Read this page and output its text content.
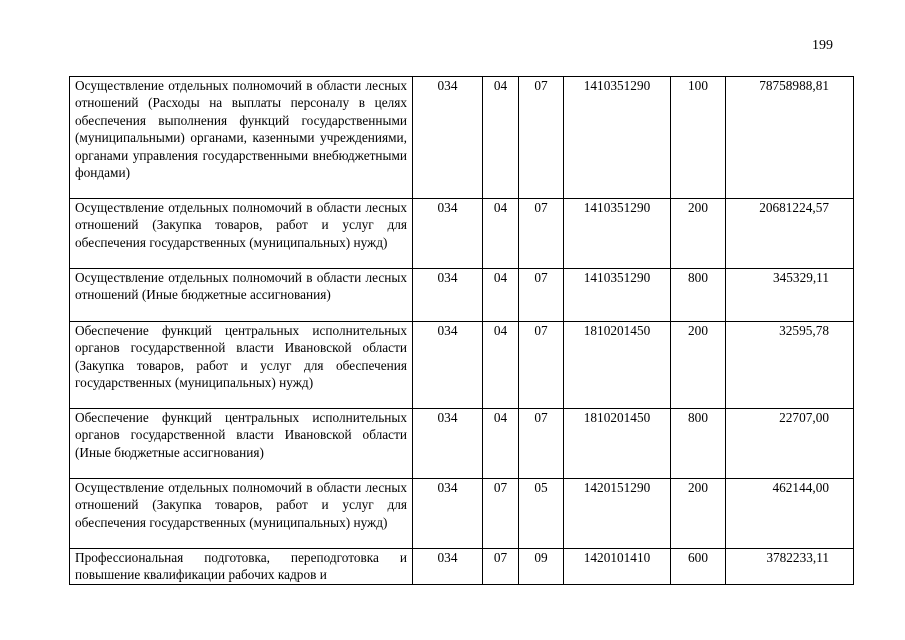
199
Осуществление отдельных полномочий в области лесных отношений (Расходы на выплаты персоналу в целях обеспечения выполнения функций государственными (муниципальными) органами, казенными учреждениями, органами управления государственными внебюджетными фондами)	034	04	07	1410351290	100	78758988,81
Осуществление отдельных полномочий в области лесных отношений (Закупка товаров, работ и услуг для обеспечения государственных (муниципальных) нужд)	034	04	07	1410351290	200	20681224,57
Осуществление отдельных полномочий в области лесных отношений (Иные бюджетные ассигнования)	034	04	07	1410351290	800	345329,11
Обеспечение функций центральных исполнительных органов государственной власти Ивановской области (Закупка товаров, работ и услуг для обеспечения государственных (муниципальных) нужд)	034	04	07	1810201450	200	32595,78
Обеспечение функций центральных исполнительных органов государственной власти Ивановской области (Иные бюджетные ассигнования)	034	04	07	1810201450	800	22707,00
Осуществление отдельных полномочий в области лесных отношений (Закупка товаров, работ и услуг для обеспечения государственных (муниципальных) нужд)	034	07	05	1420151290	200	462144,00
Профессиональная подготовка, переподготовка и повышение квалификации рабочих кадров и	034	07	09	1420101410	600	3782233,11
